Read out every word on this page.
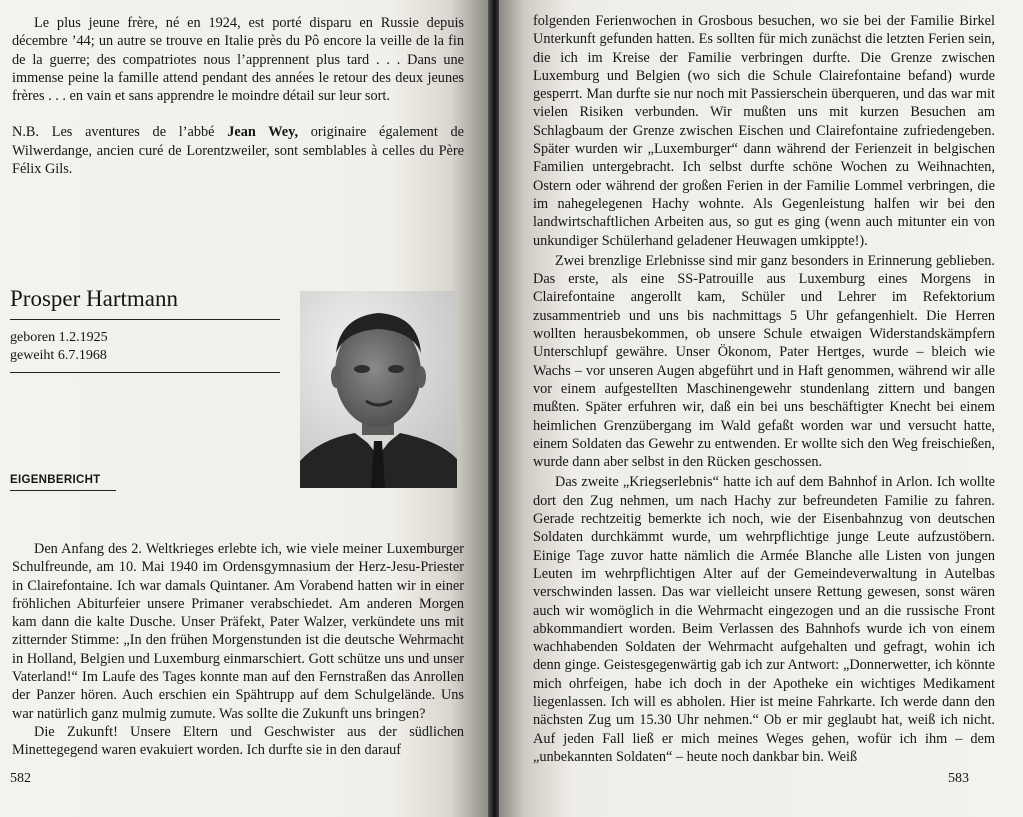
Le plus jeune frère, né en 1924, est porté disparu en Russie depuis décembre ’44; un autre se trouve en Italie près du Pô encore la veille de la fin de la guerre; des compatriotes nous l’apprennent plus tard . . . Dans une immense peine la famille attend pendant des années le retour des deux jeunes frères . . . en vain et sans apprendre le moindre détail sur leur sort.

N.B. Les aventures de l’abbé Jean Wey, originaire également de Wilwerdange, ancien curé de Lorentzweiler, sont semblables à celles du Père Félix Gils.

Prosper Hartmann
geboren 1.2.1925
geweiht 6.7.1968
EIGENBERICHT

Den Anfang des 2. Weltkrieges erlebte ich, wie viele meiner Luxemburger Schulfreunde, am 10. Mai 1940 im Ordensgymnasium der Herz-Jesu-Priester in Clairefontaine. Ich war damals Quintaner. Am Vorabend hatten wir in einer fröhlichen Abiturfeier unsere Primaner verabschiedet. Am anderen Morgen kam dann die kalte Dusche. Unser Präfekt, Pater Walzer, verkündete uns mit zitternder Stimme: „In den frühen Morgenstunden ist die deutsche Wehrmacht in Holland, Belgien und Luxemburg einmarschiert. Gott schütze uns und unser Vaterland!“ Im Laufe des Tages konnte man auf den Fernstraßen das Anrollen der Panzer hören. Auch erschien ein Spähtrupp auf dem Schulgelände. Uns war natürlich ganz mulmig zumute. Was sollte die Zukunft uns bringen?

Die Zukunft! Unsere Eltern und Geschwister aus der südlichen Minettegegend waren evakuiert worden. Ich durfte sie in den darauf

582

folgenden Ferienwochen in Grosbous besuchen, wo sie bei der Familie Birkel Unterkunft gefunden hatten. Es sollten für mich zunächst die letzten Ferien sein, die ich im Kreise der Familie verbringen durfte. Die Grenze zwischen Luxemburg und Belgien (wo sich die Schule Clairefontaine befand) wurde gesperrt. Man durfte sie nur noch mit Passierschein überqueren, und das war mit vielen Risiken verbunden. Wir mußten uns mit kurzen Besuchen am Schlagbaum der Grenze zwischen Eischen und Clairefontaine zufriedengeben. Später wurden wir „Luxemburger“ dann während der Ferienzeit in belgischen Familien untergebracht. Ich selbst durfte schöne Wochen zu Weihnachten, Ostern oder während der großen Ferien in der Familie Lommel verbringen, die im nahegelegenen Hachy wohnte. Als Gegenleistung halfen wir bei den landwirtschaftlichen Arbeiten aus, so gut es ging (wenn auch mitunter ein von unkundiger Schülerhand geladener Heuwagen umkippte!).

Zwei brenzlige Erlebnisse sind mir ganz besonders in Erinnerung geblieben. Das erste, als eine SS-Patrouille aus Luxemburg eines Morgens in Clairefontaine angerollt kam, Schüler und Lehrer im Refektorium zusammentrieb und uns bis nachmittags 5 Uhr gefangenhielt. Die Herren wollten herausbekommen, ob unsere Schule etwaigen Widerstandskämpfern Unterschlupf gewähre. Unser Ökonom, Pater Hertges, wurde – bleich wie Wachs – vor unseren Augen abgeführt und in Haft genommen, während wir alle vor einem aufgestellten Maschinengewehr stundenlang zittern und bangen mußten. Später erfuhren wir, daß ein bei uns beschäftigter Knecht bei einem heimlichen Grenzübergang im Wald gefaßt worden war und versucht hatte, einem Soldaten das Gewehr zu entwenden. Er wollte sich den Weg freischießen, wurde dann aber selbst in den Rücken geschossen.

Das zweite „Kriegserlebnis“ hatte ich auf dem Bahnhof in Arlon. Ich wollte dort den Zug nehmen, um nach Hachy zur befreundeten Familie zu fahren. Gerade rechtzeitig bemerkte ich noch, wie der Eisenbahnzug von deutschen Soldaten durchkämmt wurde, um wehrpflichtige junge Leute aufzustöbern. Einige Tage zuvor hatte nämlich die Armée Blanche alle Listen von jungen Leuten im wehrpflichtigen Alter auf der Gemeindeverwaltung in Autelbas verschwinden lassen. Das war vielleicht unsere Rettung gewesen, sonst wären auch wir womöglich in die Wehrmacht eingezogen und an die russische Front abkommandiert worden. Beim Verlassen des Bahnhofs wurde ich von einem wachhabenden Soldaten der Wehrmacht aufgehalten und gefragt, wohin ich denn ginge. Geistesgegenwärtig gab ich zur Antwort: „Donnerwetter, ich könnte mich ohrfeigen, habe ich doch in der Apotheke ein wichtiges Medikament liegenlassen. Ich will es abholen. Hier ist meine Fahrkarte. Ich werde dann den nächsten Zug um 15.30 Uhr nehmen.“ Ob er mir geglaubt hat, weiß ich nicht. Auf jeden Fall ließ er mich meines Weges gehen, wofür ich ihm – dem „unbekannten Soldaten“ – heute noch dankbar bin. Weiß

583
